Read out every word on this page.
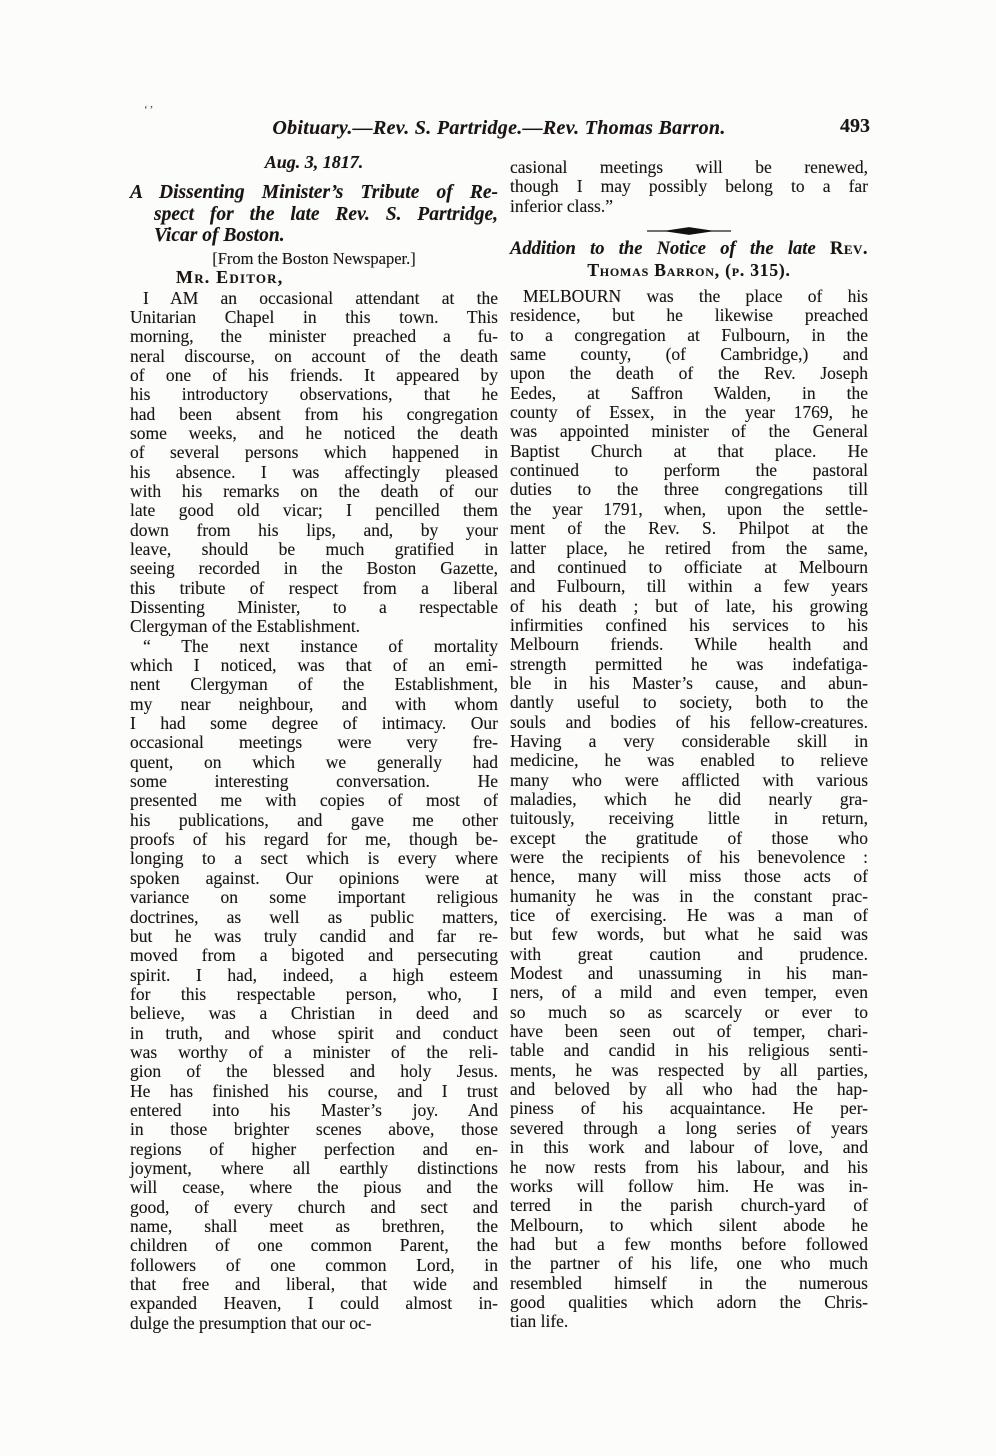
‘ʼ
Obituary.—Rev. S. Partridge.—Rev. Thomas Barron.	493
Aug. 3, 1817.
A Dissenting Minister’s Tribute of Re-
spect for the late Rev. S. Partridge,
Vicar of Boston.
[From the Boston Newspaper.]
Mr. Editor,
I AM an occasional attendant at the
Unitarian Chapel in this town. This
morning, the minister preached a fu-
neral discourse, on account of the death
of one of his friends. It appeared by
his introductory observations, that he
had been absent from his congregation
some weeks, and he noticed the death
of several persons which happened in
his absence. I was affectingly pleased
with his remarks on the death of our
late good old vicar; I pencilled them
down from his lips, and, by your
leave, should be much gratified in
seeing recorded in the Boston Gazette,
this tribute of respect from a liberal
Dissenting Minister, to a respectable
Clergyman of the Establishment.
“ The next instance of mortality
which I noticed, was that of an emi-
nent Clergyman of the Establishment,
my near neighbour, and with whom
I had some degree of intimacy. Our
occasional meetings were very fre-
quent, on which we generally had
some interesting conversation. He
presented me with copies of most of
his publications, and gave me other
proofs of his regard for me, though be-
longing to a sect which is every where
spoken against. Our opinions were at
variance on some important religious
doctrines, as well as public matters,
but he was truly candid and far re-
moved from a bigoted and persecuting
spirit. I had, indeed, a high esteem
for this respectable person, who, I
believe, was a Christian in deed and
in truth, and whose spirit and conduct
was worthy of a minister of the reli-
gion of the blessed and holy Jesus.
He has finished his course, and I trust
entered into his Master’s joy. And
in those brighter scenes above, those
regions of higher perfection and en-
joyment, where all earthly distinctions
will cease, where the pious and the
good, of every church and sect and
name, shall meet as brethren, the
children of one common Parent, the
followers of one common Lord, in
that free and liberal, that wide and
expanded Heaven, I could almost in-
dulge the presumption that our oc-
casional meetings will be renewed,
though I may possibly belong to a far
inferior class.”
Addition to the Notice of the late Rev.
Thomas Barron, (p. 315).
MELBOURN was the place of his
residence, but he likewise preached
to a congregation at Fulbourn, in the
same county, (of Cambridge,) and
upon the death of the Rev. Joseph
Eedes, at Saffron Walden, in the
county of Essex, in the year 1769, he
was appointed minister of the General
Baptist Church at that place. He
continued to perform the pastoral
duties to the three congregations till
the year 1791, when, upon the settle-
ment of the Rev. S. Philpot at the
latter place, he retired from the same,
and continued to officiate at Melbourn
and Fulbourn, till within a few years
of his death ; but of late, his growing
infirmities confined his services to his
Melbourn friends. While health and
strength permitted he was indefatiga-
ble in his Master’s cause, and abun-
dantly useful to society, both to the
souls and bodies of his fellow-creatures.
Having a very considerable skill in
medicine, he was enabled to relieve
many who were afflicted with various
maladies, which he did nearly gra-
tuitously, receiving little in return,
except the gratitude of those who
were the recipients of his benevolence :
hence, many will miss those acts of
humanity he was in the constant prac-
tice of exercising. He was a man of
but few words, but what he said was
with great caution and prudence.
Modest and unassuming in his man-
ners, of a mild and even temper, even
so much so as scarcely or ever to
have been seen out of temper, chari-
table and candid in his religious senti-
ments, he was respected by all parties,
and beloved by all who had the hap-
piness of his acquaintance. He per-
severed through a long series of years
in this work and labour of love, and
he now rests from his labour, and his
works will follow him. He was in-
terred in the parish church-yard of
Melbourn, to which silent abode he
had but a few months before followed
the partner of his life, one who much
resembled himself in the numerous
good qualities which adorn the Chris-
tian life.
